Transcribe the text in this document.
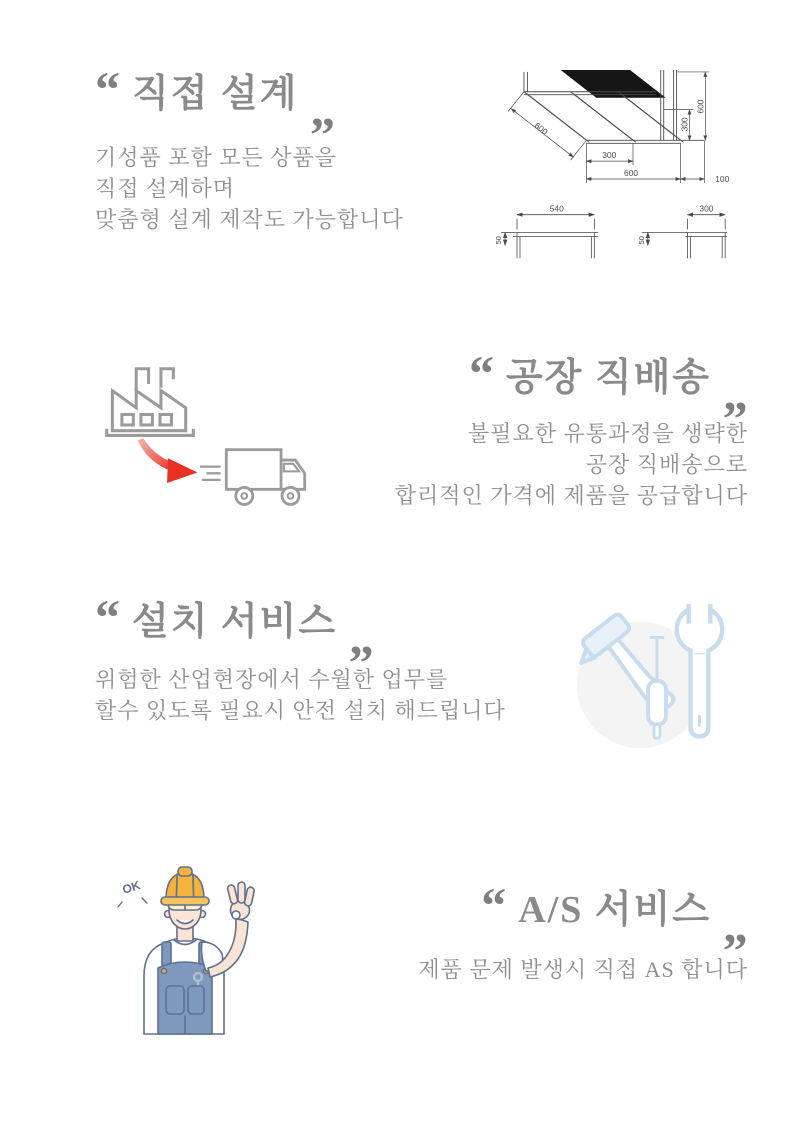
“ 직접 설계 „

기성품 포함 모든 상품을
직접 설계하며
맞춤형 설계 제작도 가능합니다

600
300
600
100
300
600
540
50
300
50
“ 공장 직배송 „

불필요한 유통과정을 생략한
공장 직배송으로
합리적인 가격에 제품을 공급합니다

“ 설치 서비스 „

위험한 산업현장에서 수월한 업무를
할수 있도록 필요시 안전 설치 해드립니다

OK	“ A/S 서비스 „

제품 문제 발생시 직접 AS 합니다
